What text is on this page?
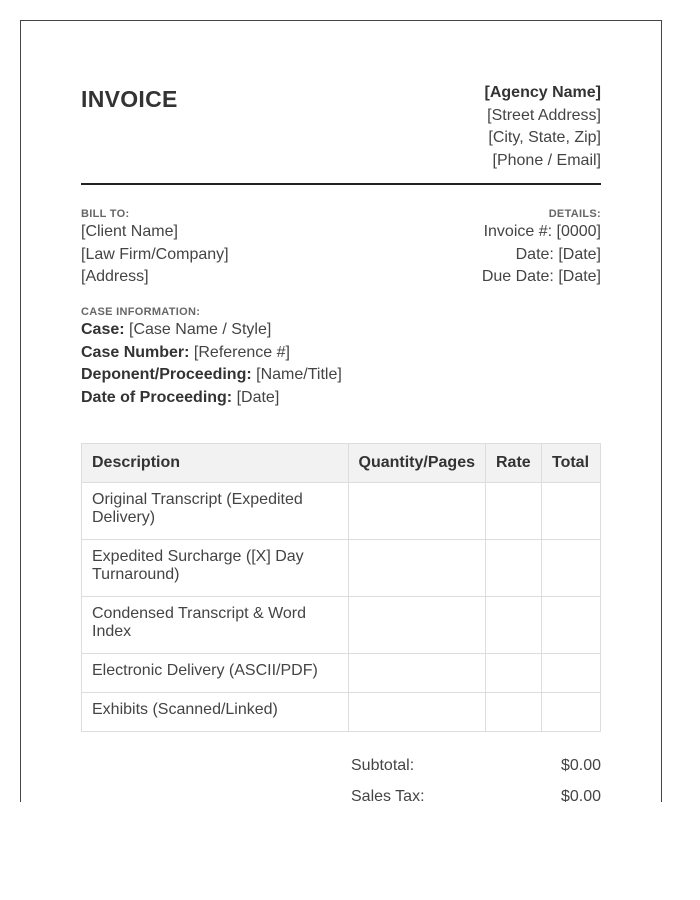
INVOICE	[Agency Name]
[Street Address]
[City, State, Zip]
[Phone / Email]
BILL TO:
[Client Name]
[Law Firm/Company]
[Address]
DETAILS:
Invoice #: [0000]
Date: [Date]
Due Date: [Date]
CASE INFORMATION:
Case: [Case Name / Style]
Case Number: [Reference #]
Deponent/Proceeding: [Name/Title]
Date of Proceeding: [Date]
Description	Quantity/Pages	Rate	Total
Original Transcript (Expedited Delivery)			
Expedited Surcharge ([X] Day Turnaround)			
Condensed Transcript & Word Index			
Electronic Delivery (ASCII/PDF)			
Exhibits (Scanned/Linked)			
Subtotal:	$0.00
Sales Tax:	$0.00
